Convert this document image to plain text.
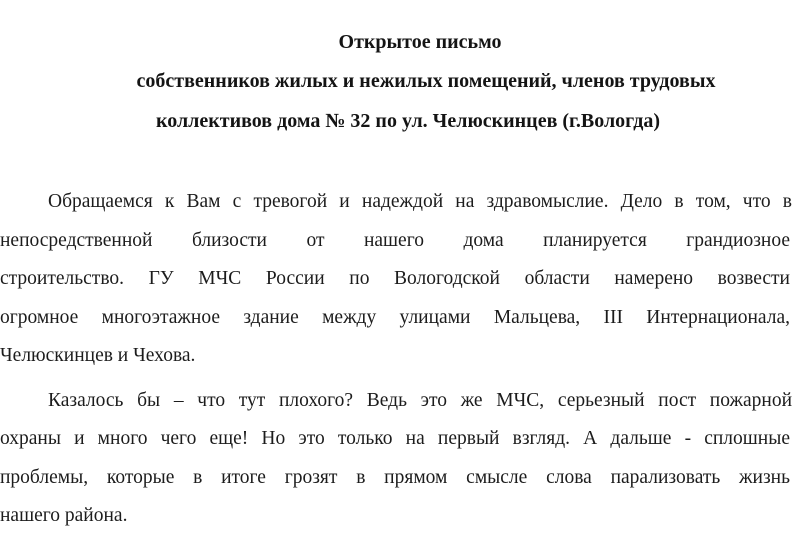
Открытое письмо
собственников жилых и нежилых помещений, членов трудовых
коллективов дома № 32 по ул. Челюскинцев (г.Вологда)
Обращаемся к Вам с тревогой и надеждой на здравомыслие. Дело в том, что в
непосредственной близости от нашего дома планируется грандиозное
строительство. ГУ МЧС России по Вологодской области намерено возвести
огромное многоэтажное здание между улицами Мальцева, III Интернационала,
Челюскинцев и Чехова.
Казалось бы – что тут плохого? Ведь это же МЧС, серьезный пост пожарной
охраны и много чего еще! Но это только на первый взгляд. А дальше - сплошные
проблемы, которые в итоге грозят в прямом смысле слова парализовать жизнь
нашего района.
